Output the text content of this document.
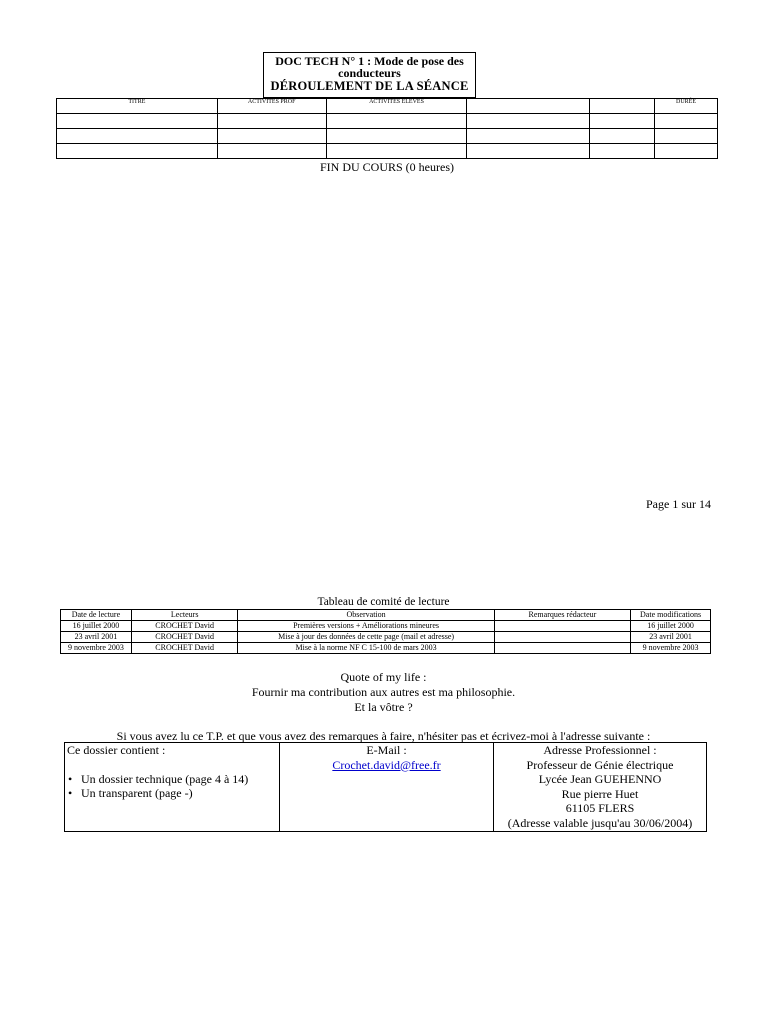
DOC TECH N° 1 : Mode de pose des conducteurs
DÉROULEMENT DE LA SÉANCE
TITRE	ACTIVITÉS PROF	ACTIVITÉS ÉLÈVES			DURÉE

FIN DU COURS (0 heures)
Page 1 sur 14
Tableau de comité de lecture
Date de lecture	Lecteurs	Observation	Remarques rédacteur	Date modifications
16 juillet 2000	CROCHET David	Premières versions + Améliorations mineures		16 juillet 2000
23 avril 2001	CROCHET David	Mise à jour des données de cette page (mail et adresse)		23 avril 2001
9 novembre 2003	CROCHET David	Mise à la norme NF C 15-100 de mars 2003		9 novembre 2003
Quote of my life :
Fournir ma contribution aux autres est ma philosophie.
Et la vôtre ?
Si vous avez lu ce T.P. et que vous avez des remarques à faire, n'hésiter pas et écrivez-moi à l'adresse suivante :
Ce dossier contient :
• Un dossier technique (page 4 à 14)
• Un transparent (page -)

E-Mail :
Crochet.david@free.fr

Adresse Professionnel :
Professeur de Génie électrique
Lycée Jean GUEHENNO
Rue pierre Huet
61105 FLERS
(Adresse valable jusqu'au 30/06/2004)
